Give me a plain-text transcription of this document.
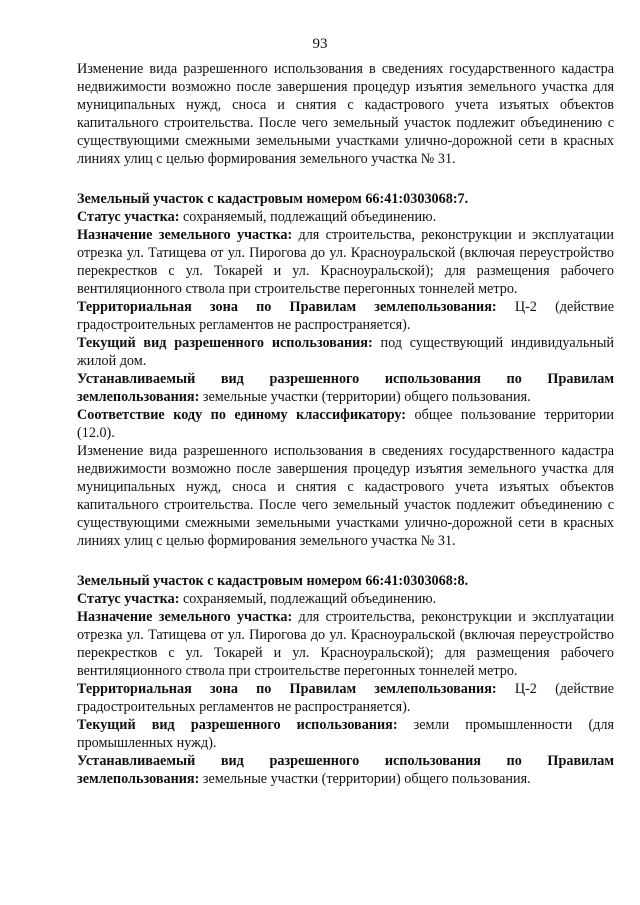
93

Изменение вида разрешенного использования в сведениях государственного кадастра недвижимости возможно после завершения процедур изъятия земельного участка для муниципальных нужд, сноса и снятия с кадастрового учета изъятых объектов капитального строительства. После чего земельный участок подлежит объединению с существующими смежными земельными участками улично-дорожной сети в красных линиях улиц с целью формирования земельного участка № 31.

Земельный участок с кадастровым номером 66:41:0303068:7.

Статус участка: сохраняемый, подлежащий объединению.

Назначение земельного участка: для строительства, реконструкции и эксплуатации отрезка ул. Татищева от ул. Пирогова до ул. Красноуральской (включая переустройство перекрестков с ул. Токарей и ул. Красноуральской); для размещения рабочего вентиляционного ствола при строительстве перегонных тоннелей метро.

Территориальная зона по Правилам землепользования: Ц-2 (действие градостроительных регламентов не распространяется).

Текущий вид разрешенного использования: под существующий индивидуальный жилой дом.

Устанавливаемый вид разрешенного использования по Правилам землепользования: земельные участки (территории) общего пользования.

Соответствие коду по единому классификатору: общее пользование территории (12.0).

Изменение вида разрешенного использования в сведениях государственного кадастра недвижимости возможно после завершения процедур изъятия земельного участка для муниципальных нужд, сноса и снятия с кадастрового учета изъятых объектов капитального строительства. После чего земельный участок подлежит объединению с существующими смежными земельными участками улично-дорожной сети в красных линиях улиц с целью формирования земельного участка № 31.

Земельный участок с кадастровым номером 66:41:0303068:8.

Статус участка: сохраняемый, подлежащий объединению.

Назначение земельного участка: для строительства, реконструкции и эксплуатации отрезка ул. Татищева от ул. Пирогова до ул. Красноуральской (включая переустройство перекрестков с ул. Токарей и ул. Красноуральской); для размещения рабочего вентиляционного ствола при строительстве перегонных тоннелей метро.

Территориальная зона по Правилам землепользования: Ц-2 (действие градостроительных регламентов не распространяется).

Текущий вид разрешенного использования: земли промышленности (для промышленных нужд).

Устанавливаемый вид разрешенного использования по Правилам землепользования: земельные участки (территории) общего пользования.
